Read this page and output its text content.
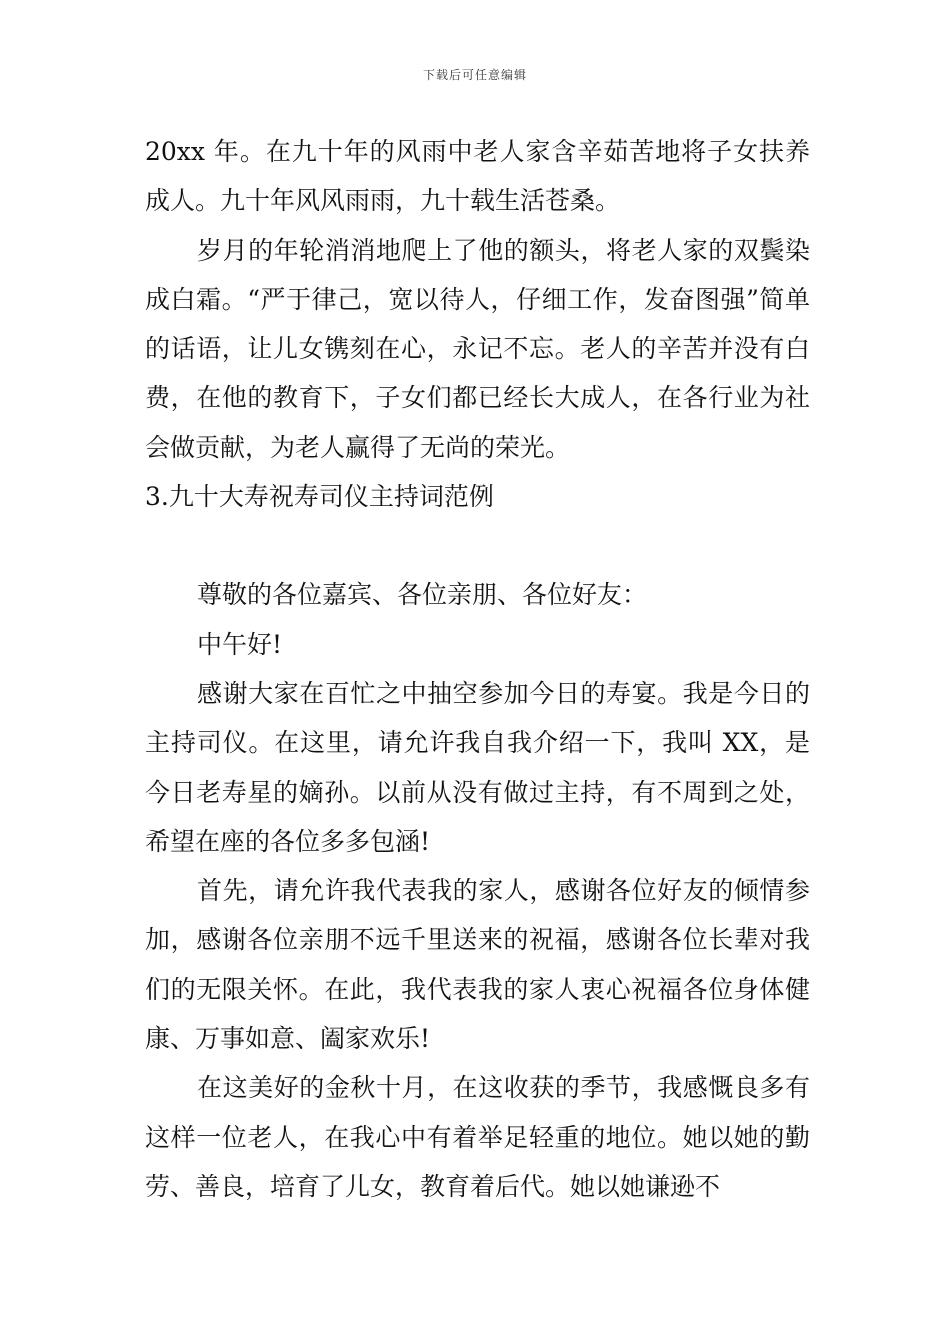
下载后可任意编辑

20xx 年。在九十年的风雨中老人家含辛茹苦地将子女扶养成人。九十年风风雨雨，九十载生活苍桑。

岁月的年轮消消地爬上了他的额头，将老人家的双鬓染成白霜。“严于律己，宽以待人，仔细工作，发奋图强”简单的话语，让儿女镌刻在心，永记不忘。老人的辛苦并没有白费，在他的教育下，子女们都已经长大成人，在各行业为社会做贡献，为老人赢得了无尚的荣光。

3.九十大寿祝寿司仪主持词范例

尊敬的各位嘉宾、各位亲朋、各位好友：

中午好!

感谢大家在百忙之中抽空参加今日的寿宴。我是今日的主持司仪。在这里，请允许我自我介绍一下，我叫 XX，是今日老寿星的嫡孙。以前从没有做过主持，有不周到之处，希望在座的各位多多包涵!

首先，请允许我代表我的家人，感谢各位好友的倾情参加，感谢各位亲朋不远千里送来的祝福，感谢各位长辈对我们的无限关怀。在此，我代表我的家人衷心祝福各位身体健康、万事如意、阖家欢乐!

在这美好的金秋十月，在这收获的季节，我感慨良多有这样一位老人，在我心中有着举足轻重的地位。她以她的勤劳、善良，培育了儿女，教育着后代。她以她谦逊不
